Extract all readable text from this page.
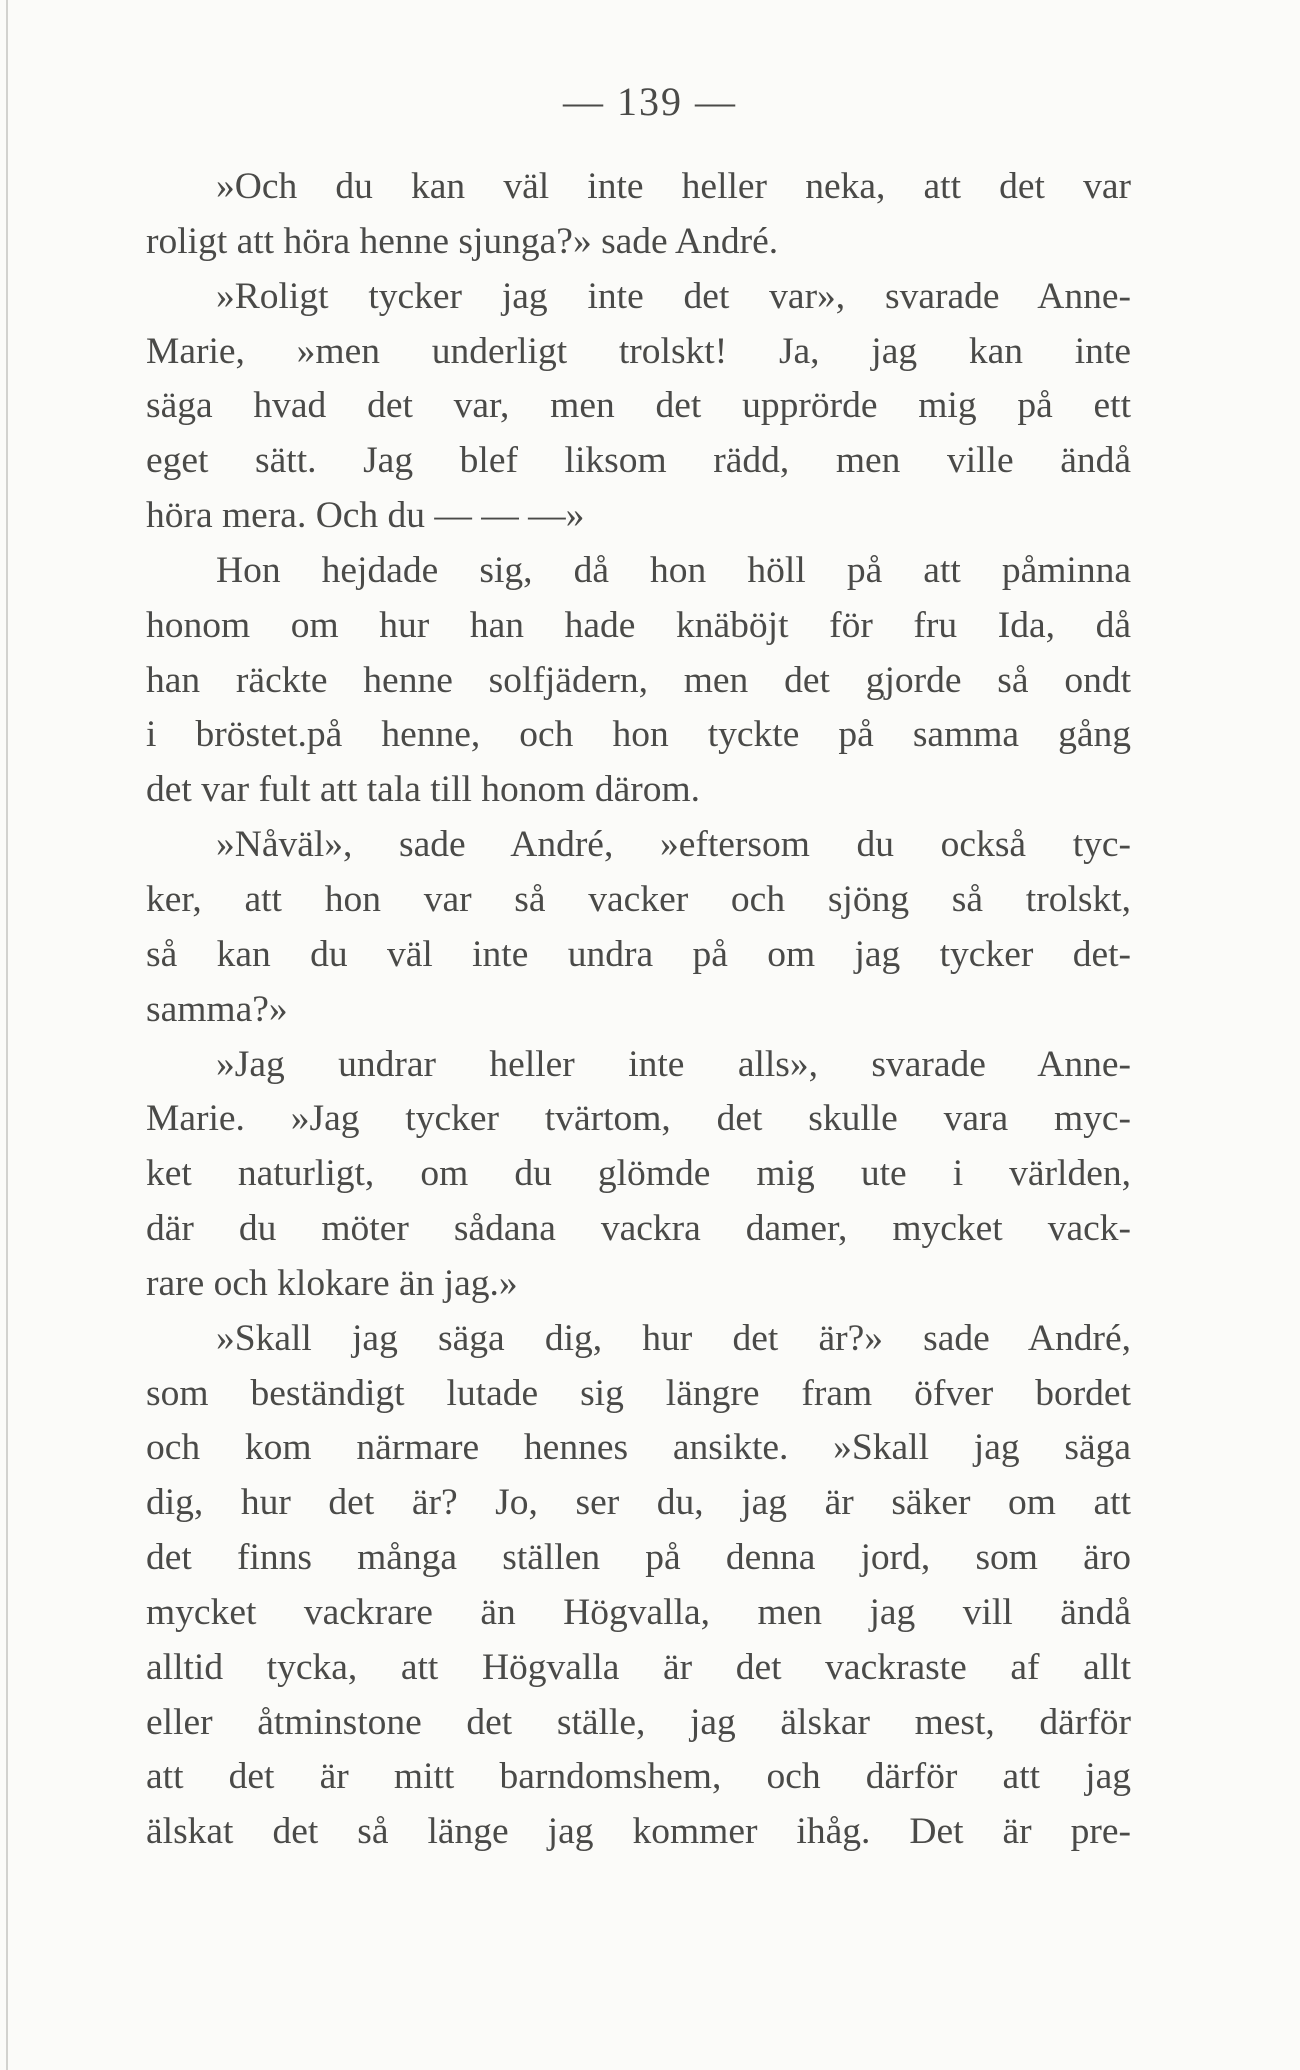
— 139 —
»Och du kan väl inte heller neka, att det var
roligt att höra henne sjunga?» sade André.
»Roligt tycker jag inte det var», svarade Anne-
Marie, »men underligt trolskt! Ja, jag kan inte
säga hvad det var, men det upprörde mig på ett
eget sätt. Jag blef liksom rädd, men ville ändå
höra mera. Och du — — —»
Hon hejdade sig, då hon höll på att påminna
honom om hur han hade knäböjt för fru Ida, då
han räckte henne solfjädern, men det gjorde så ondt
i bröstet.på henne, och hon tyckte på samma gång
det var fult att tala till honom därom.
»Nåväl», sade André, »eftersom du också tyc-
ker, att hon var så vacker och sjöng så trolskt,
så kan du väl inte undra på om jag tycker det-
samma?»
»Jag undrar heller inte alls», svarade Anne-
Marie. »Jag tycker tvärtom, det skulle vara myc-
ket naturligt, om du glömde mig ute i världen,
där du möter sådana vackra damer, mycket vack-
rare och klokare än jag.»
»Skall jag säga dig, hur det är?» sade André,
som beständigt lutade sig längre fram öfver bordet
och kom närmare hennes ansikte. »Skall jag säga
dig, hur det är? Jo, ser du, jag är säker om att
det finns många ställen på denna jord, som äro
mycket vackrare än Högvalla, men jag vill ändå
alltid tycka, att Högvalla är det vackraste af allt
eller åtminstone det ställe, jag älskar mest, därför
att det är mitt barndomshem, och därför att jag
älskat det så länge jag kommer ihåg. Det är pre-
